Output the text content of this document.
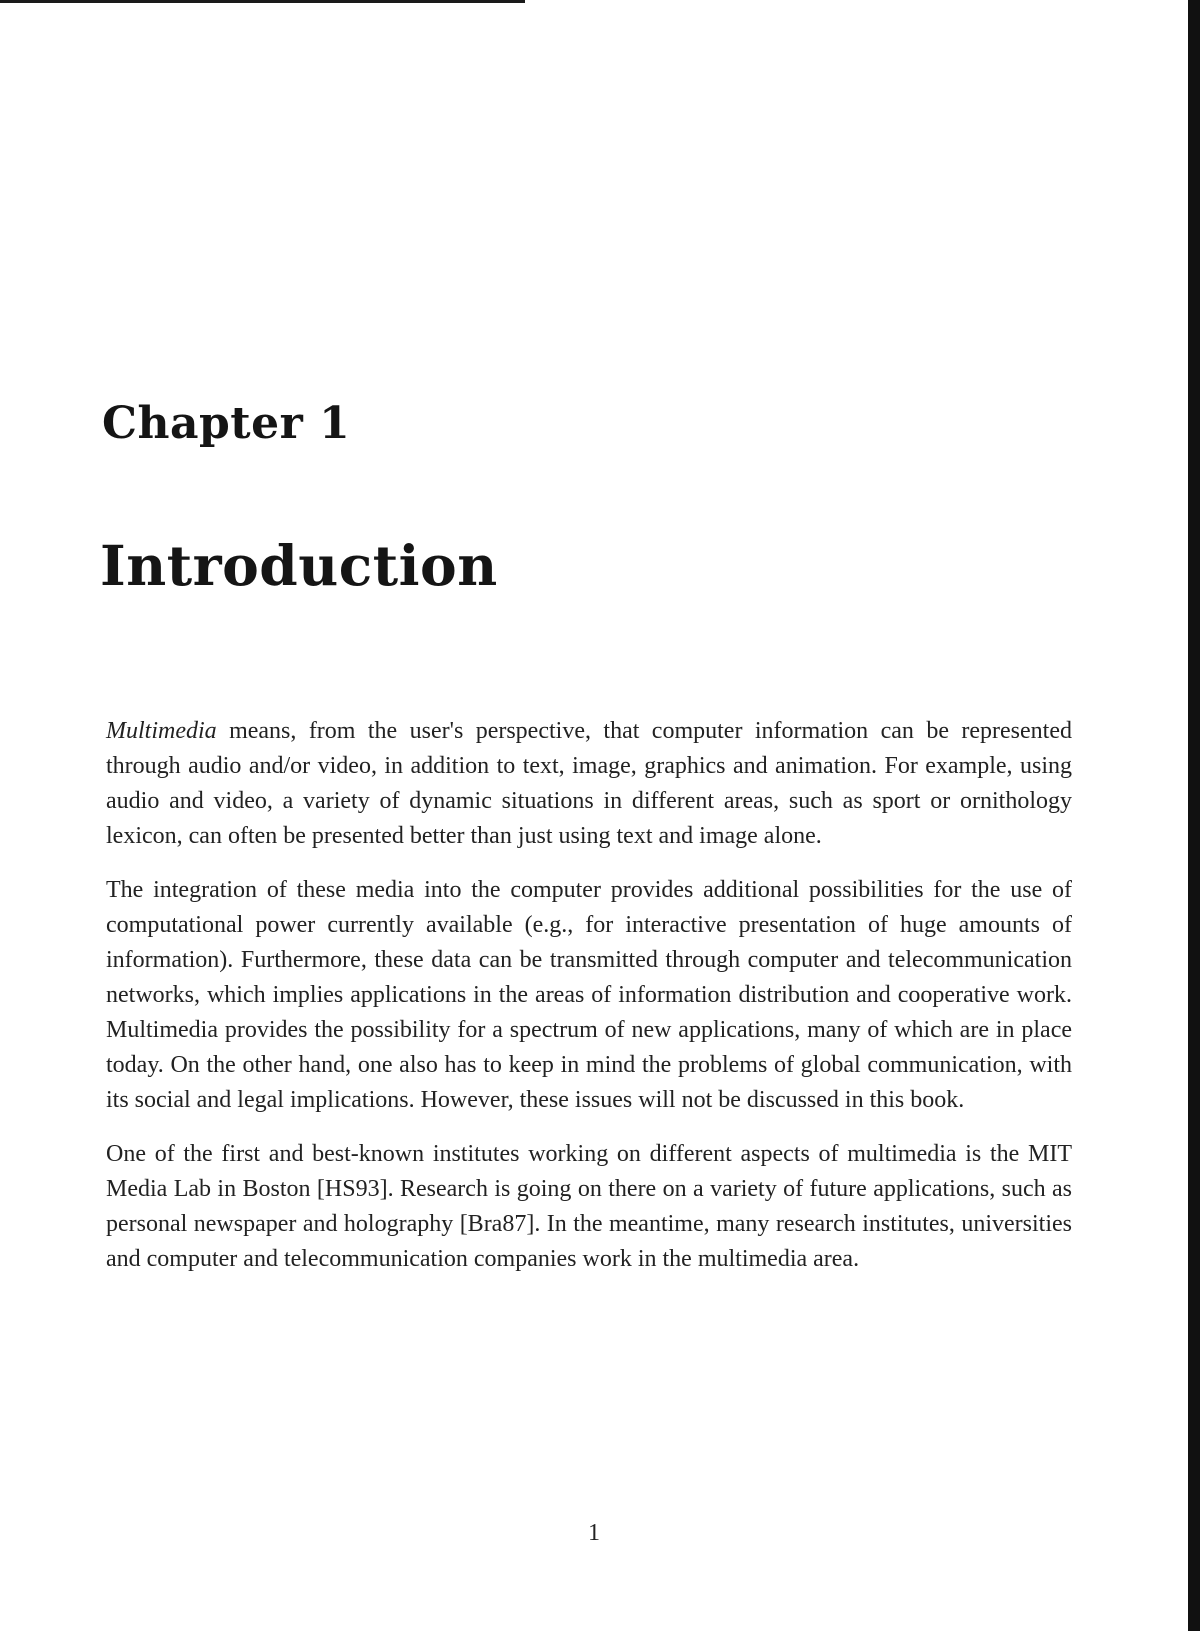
Chapter 1
Introduction

Multimedia means, from the user's perspective, that computer information can be represented through audio and/or video, in addition to text, image, graphics and animation. For example, using audio and video, a variety of dynamic situations in different areas, such as sport or ornithology lexicon, can often be presented better than just using text and image alone.

The integration of these media into the computer provides additional possibilities for the use of computational power currently available (e.g., for interactive presentation of huge amounts of information). Furthermore, these data can be transmitted through computer and telecommunication networks, which implies applications in the areas of information distribution and cooperative work. Multimedia provides the possibility for a spectrum of new applications, many of which are in place today. On the other hand, one also has to keep in mind the problems of global communication, with its social and legal implications. However, these issues will not be discussed in this book.

One of the first and best-known institutes working on different aspects of multimedia is the MIT Media Lab in Boston [HS93]. Research is going on there on a variety of future applications, such as personal newspaper and holography [Bra87]. In the meantime, many research institutes, universities and computer and telecommunication companies work in the multimedia area.

1
